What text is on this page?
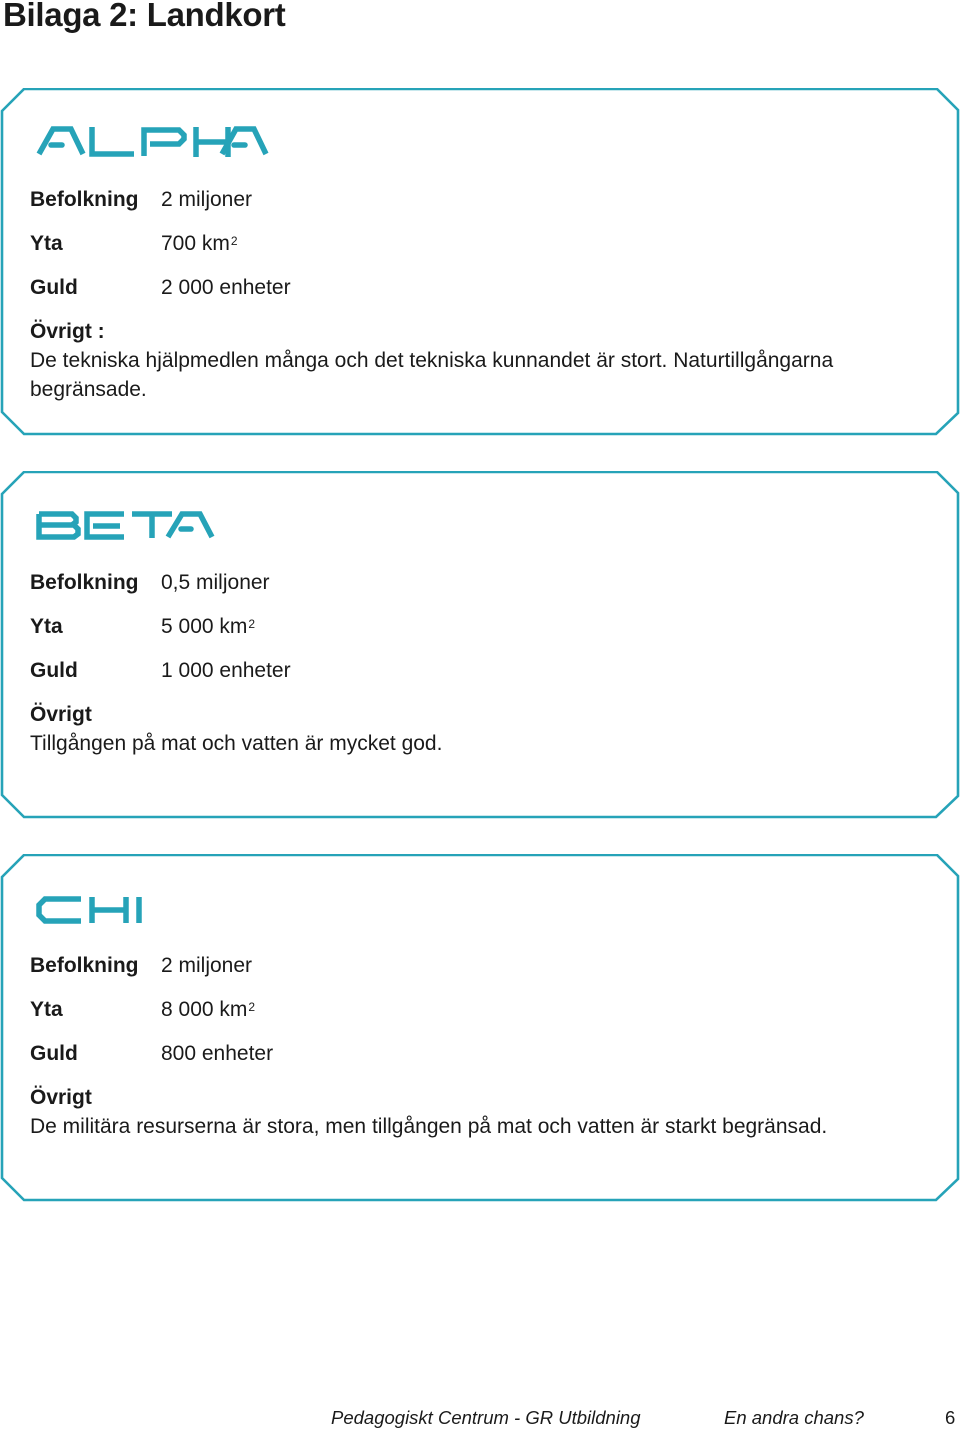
Bilaga 2: Landkort
Befolkning 2 miljoner
Yta	700 $km^2$
Guld	2 000 enheter
Övrigt :
De tekniska hjälpmedlen många och det tekniska kunnandet är stort. Naturtillgångarna
begränsade.
Befolkning 0,5 miljoner
Yta	5 000 $km^2$
Guld	1 000 enheter
Övrigt
Tillgången på mat och vatten är mycket god.
Befolkning 2 miljoner
Yta	8 000 $km^2$
Guld	800 enheter
Övrigt
De militära resurserna är stora, men tillgången på mat och vatten är starkt begränsad.
Pedagogiskt Centrum - GR Utbildning	En andra chans?	6
